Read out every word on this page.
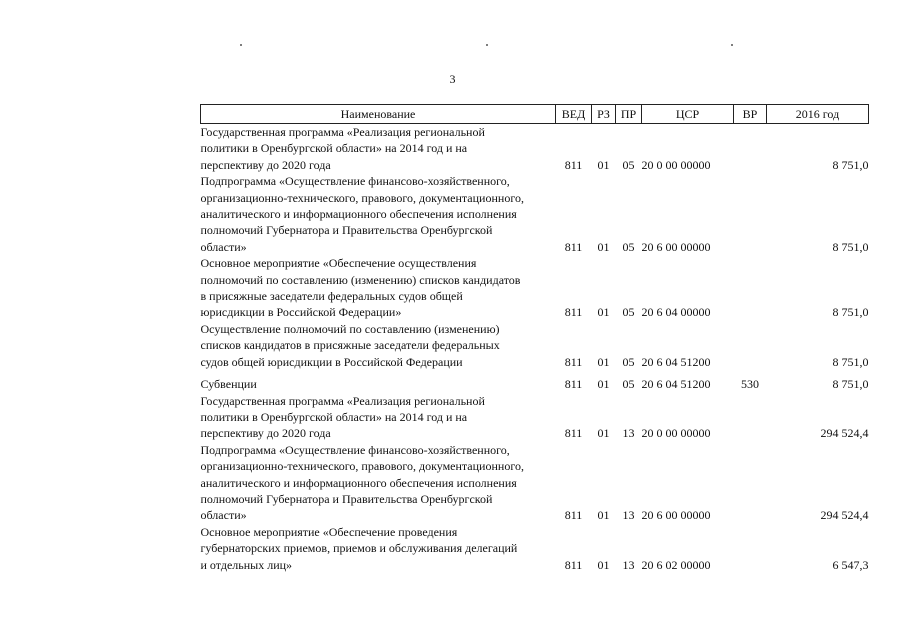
3
Наименование	ВЕД	РЗ	ПР	ЦСР	ВР	2016 год

Государственная программа «Реализация региональной
политики в Оренбургской области» на 2014 год и на
перспективу до 2020 года	811	01	05	20 0 00 00000		8 751,0

Подпрограмма «Осуществление финансово-хозяйственного,
организационно-технического, правового, документационного,
аналитического и информационного обеспечения исполнения
полномочий Губернатора и Правительства Оренбургской
области»	811	01	05	20 6 00 00000		8 751,0

Основное мероприятие «Обеспечение осуществления
полномочий по составлению (изменению) списков кандидатов
в присяжные заседатели федеральных судов общей
юрисдикции в Российской Федерации»	811	01	05	20 6 04 00000		8 751,0

Осуществление полномочий по составлению (изменению)
списков кандидатов в присяжные заседатели федеральных
судов общей юрисдикции в Российской Федерации	811	01	05	20 6 04 51200		8 751,0

Субвенции	811	01	05	20 6 04 51200	530	8 751,0

Государственная программа «Реализация региональной
политики в Оренбургской области» на 2014 год и на
перспективу до 2020 года	811	01	13	20 0 00 00000		294 524,4

Подпрограмма «Осуществление финансово-хозяйственного,
организационно-технического, правового, документационного,
аналитического и информационного обеспечения исполнения
полномочий Губернатора и Правительства Оренбургской
области»	811	01	13	20 6 00 00000		294 524,4

Основное мероприятие «Обеспечение проведения
губернаторских приемов, приемов и обслуживания делегаций
и отдельных лиц»	811	01	13	20 6 02 00000		6 547,3
